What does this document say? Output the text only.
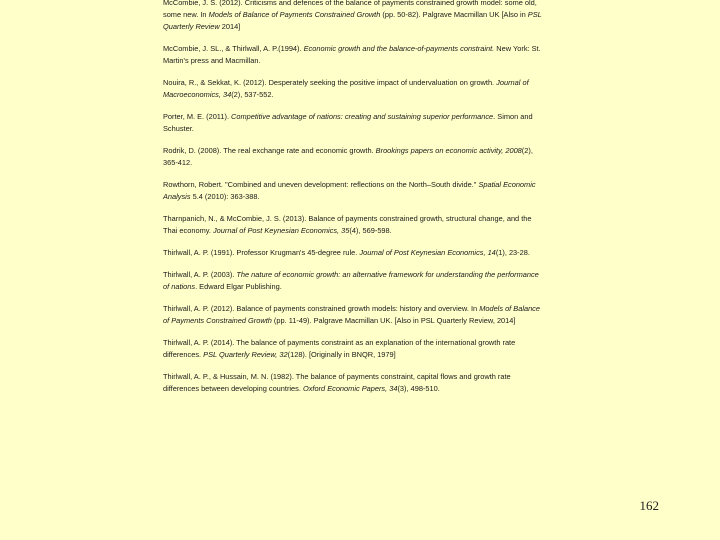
McCombie, J. S. (2012). Criticisms and defences of the balance of payments constrained growth model: some old, some new. In Models of Balance of Payments Constrained Growth (pp. 50-82). Palgrave Macmillan UK [Also in PSL Quarterly Review 2014]

McCombie, J. SL., & Thirlwall, A. P.(1994). Economic growth and the balance-of-payments constraint. New York: St. Martin's press and Macmillan.

Nouira, R., & Sekkat, K. (2012). Desperately seeking the positive impact of undervaluation on growth. Journal of Macroeconomics, 34(2), 537-552.

Porter, M. E. (2011). Competitive advantage of nations: creating and sustaining superior performance. Simon and Schuster.

Rodrik, D. (2008). The real exchange rate and economic growth. Brookings papers on economic activity, 2008(2), 365-412.

Rowthorn, Robert. "Combined and uneven development: reflections on the North–South divide." Spatial Economic Analysis 5.4 (2010): 363-388.

Tharnpanich, N., & McCombie, J. S. (2013). Balance of payments constrained growth, structural change, and the Thai economy. Journal of Post Keynesian Economics, 35(4), 569-598.

Thirlwall, A. P. (1991). Professor Krugman's 45-degree rule. Journal of Post Keynesian Economics, 14(1), 23-28.

Thirlwall, A. P. (2003). The nature of economic growth: an alternative framework for understanding the performance of nations. Edward Elgar Publishing.

Thirlwall, A. P. (2012). Balance of payments constrained growth models: history and overview. In Models of Balance of Payments Constrained Growth (pp. 11-49). Palgrave Macmillan UK. [Also in PSL Quarterly Review, 2014]

Thirlwall, A. P. (2014). The balance of payments constraint as an explanation of the international growth rate differences. PSL Quarterly Review, 32(128). [Originally in BNQR, 1979]

Thirlwall, A. P., & Hussain, M. N. (1982). The balance of payments constraint, capital flows and growth rate differences between developing countries. Oxford Economic Papers, 34(3), 498-510.

162
